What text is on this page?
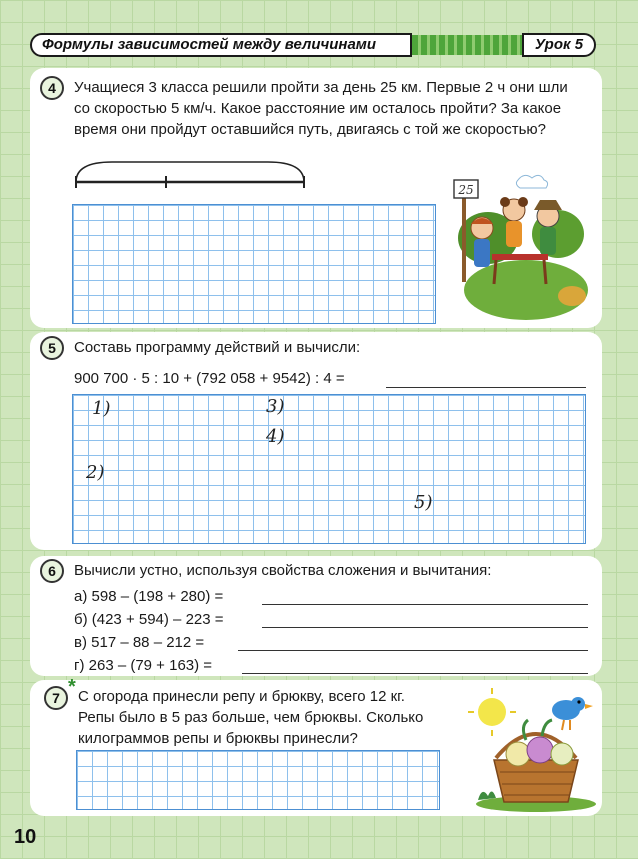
Формулы зависимостей между величинами	Урок 5
4	Учащиеся 3 класса решили пройти за день 25 км. Первые 2 ч они шли
со скоростью 5 км/ч. Какое расстояние им осталось пройти? За какое
время они пройдут оставшийся путь, двигаясь с той же скоростью?
25
5	Составь программу действий и вычисли:
900 700 · 5 : 10 + (792 058 + 9542) : 4 =
1)
2)
3)
4)
5)
6	Вычисли устно, используя свойства сложения и вычитания:
а) 598 – (198 + 280) =
б) (423 + 594) – 223 =
в) 517 – 88 – 212 =
г) 263 – (79 + 163) =
7 * С огорода принесли репу и брюкву, всего 12 кг.
Репы было в 5 раз больше, чем брюквы. Сколько
килограммов репы и брюквы принесли?
10
